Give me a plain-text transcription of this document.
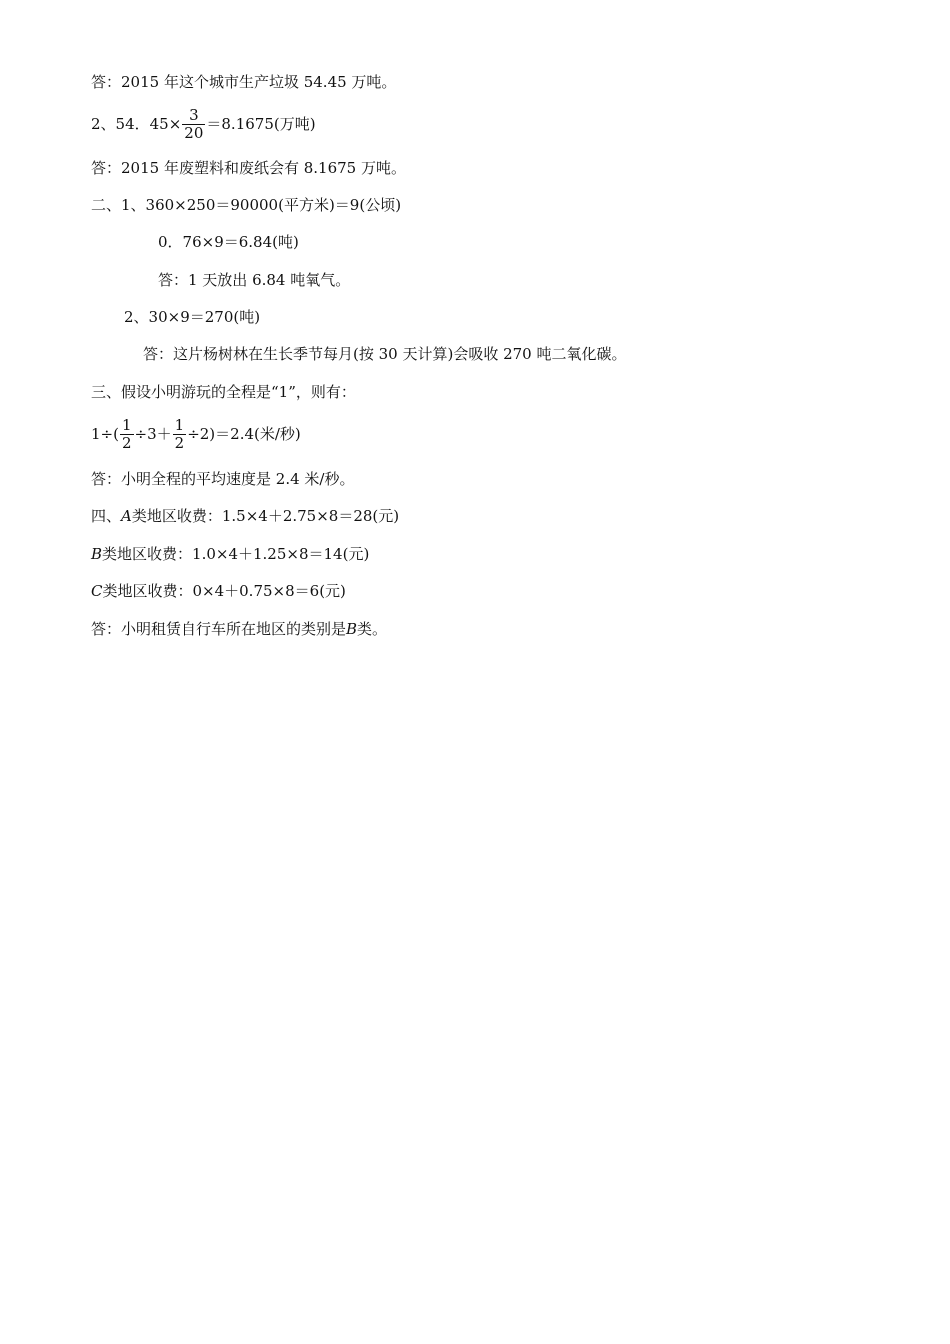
答：2015 年这个城市生产垃圾 54.45 万吨。
2、54．$45\times \frac{3}{20} =8.1675$(万吨)
答：2015 年废塑料和废纸会有 8.1675 万吨。
二、1、360×250＝90000(平方米)＝9(公顷)
0．76×9＝6.84(吨)
答：1 天放出 6.84 吨氧气。
2、30×9＝270(吨)
答：这片杨树林在生长季节每月(按 30 天计算)会吸收 270 吨二氧化碳。
三、假设小明游玩的全程是“1”，则有：
$1\div( \frac{1}{2} \div 3+ \frac{1}{2} \div 2)=2.4$(米/秒)
答：小明全程的平均速度是 2.4 米/秒。
四、 A 类地区收费：1.5×4＋2.75×8＝28(元)
B 类地区收费：1.0×4＋1.25×8＝14(元)
C 类地区收费：0×4＋0.75×8＝6(元)
答：小明租赁自行车所在地区的类别是 B 类。
